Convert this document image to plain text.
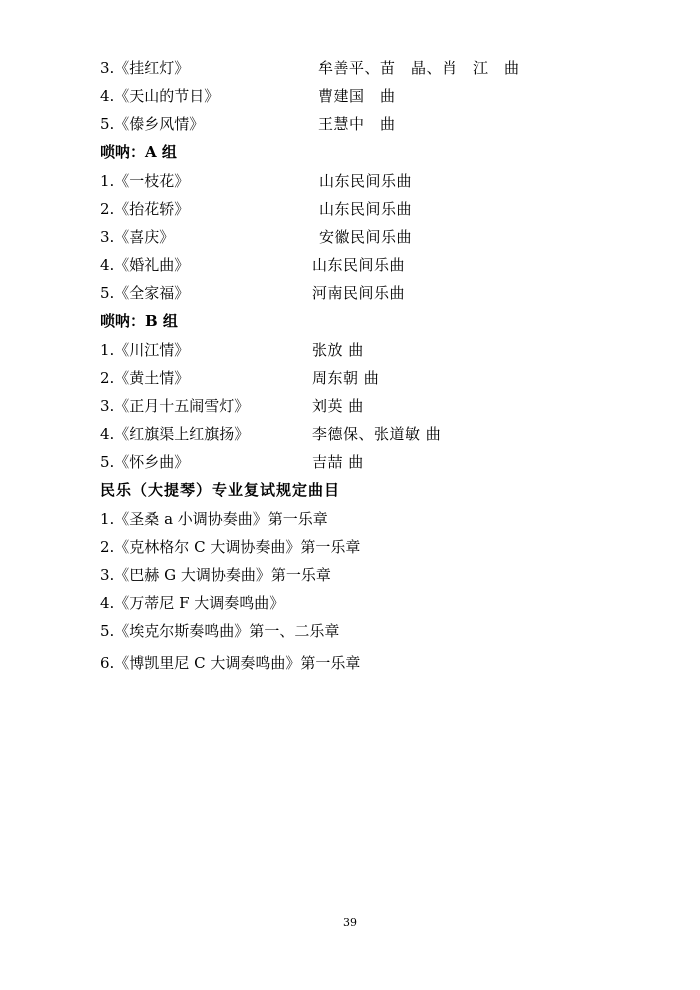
3.《挂红灯》	牟善平、苗　晶、肖　江　曲
4.《天山的节日》	曹建国　曲
5.《傣乡风情》	王慧中　曲
唢呐：A 组
1.《一枝花》	山东民间乐曲
2.《抬花轿》	山东民间乐曲
3.《喜庆》	安徽民间乐曲
4.《婚礼曲》	山东民间乐曲
5.《全家福》	河南民间乐曲
唢呐：B 组
1.《川江情》	张放 曲
2.《黄土情》	周东朝 曲
3.《正月十五闹雪灯》	刘英 曲
4.《红旗渠上红旗扬》	李德保、张道敏 曲
5.《怀乡曲》	吉喆 曲
民乐（大提琴）专业复试规定曲目
1.《圣桑 a 小调协奏曲》第一乐章
2.《克林格尔 C 大调协奏曲》第一乐章
3.《巴赫 G 大调协奏曲》第一乐章
4.《万蒂尼 F 大调奏鸣曲》
5.《埃克尔斯奏鸣曲》第一、二乐章
6.《博凯里尼 C 大调奏鸣曲》第一乐章
39
